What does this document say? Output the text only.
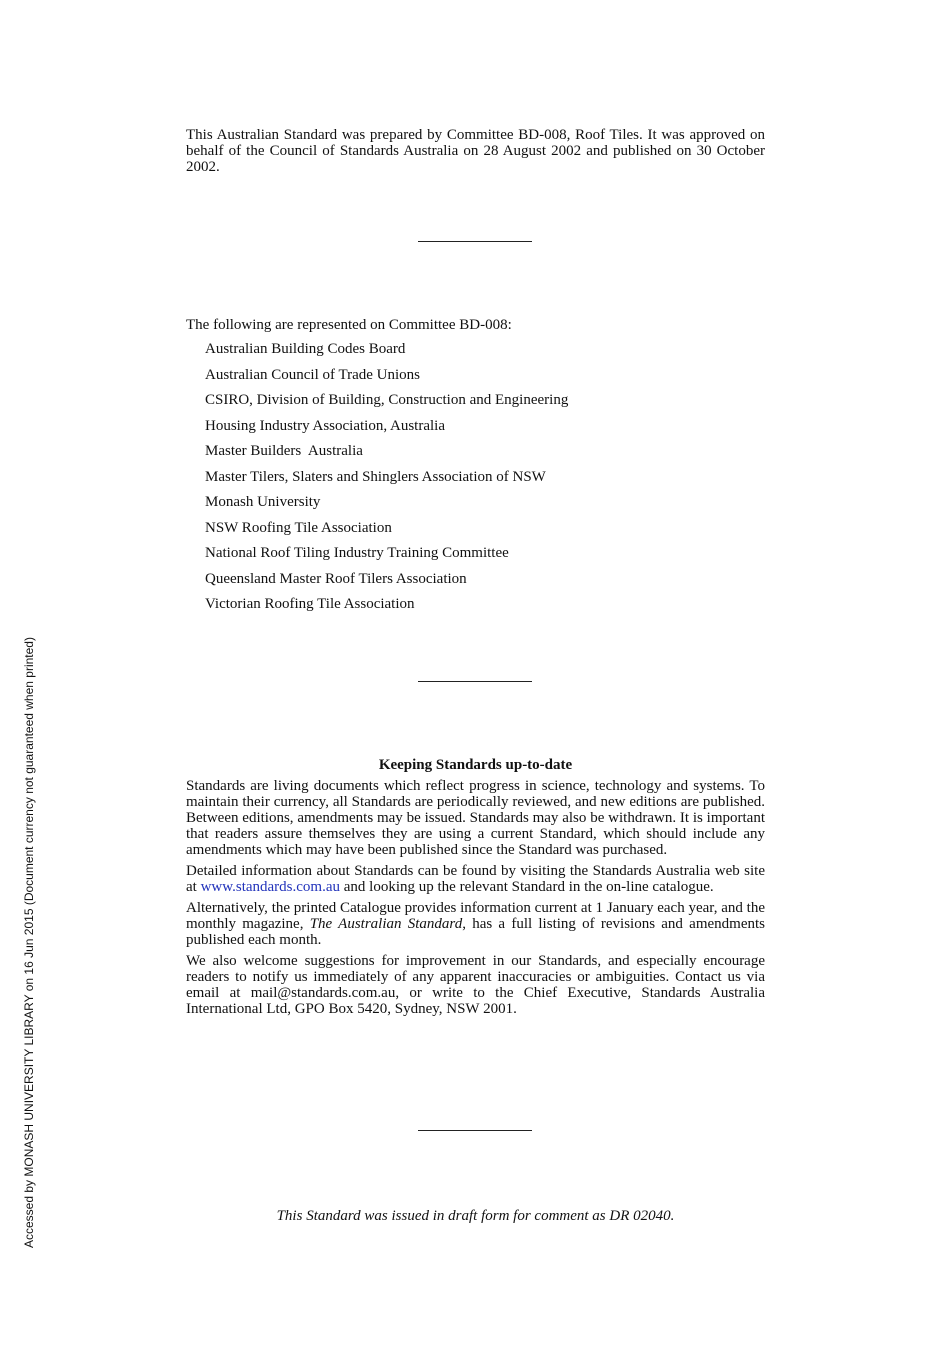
This Australian Standard was prepared by Committee BD-008, Roof Tiles. It was approved on behalf of the Council of Standards Australia on 28 August 2002 and published on 30 October 2002.

The following are represented on Committee BD-008:

Australian Building Codes Board
Australian Council of Trade Unions
CSIRO, Division of Building, Construction and Engineering
Housing Industry Association, Australia
Master Builders  Australia
Master Tilers, Slaters and Shinglers Association of NSW
Monash University
NSW Roofing Tile Association
National Roof Tiling Industry Training Committee
Queensland Master Roof Tilers Association
Victorian Roofing Tile Association
Keeping Standards up-to-date

Standards are living documents which reflect progress in science, technology and systems. To maintain their currency, all Standards are periodically reviewed, and new editions are published. Between editions, amendments may be issued. Standards may also be withdrawn. It is important that readers assure themselves they are using a current Standard, which should include any amendments which may have been published since the Standard was purchased.

Detailed information about Standards can be found by visiting the Standards Australia web site at www.standards.com.au and looking up the relevant Standard in the on-line catalogue.

Alternatively, the printed Catalogue provides information current at 1 January each year, and the monthly magazine, The Australian Standard, has a full listing of revisions and amendments published each month.

We also welcome suggestions for improvement in our Standards, and especially encourage readers to notify us immediately of any apparent inaccuracies or ambiguities. Contact us via email at mail@standards.com.au, or write to the Chief Executive, Standards Australia International Ltd, GPO Box 5420, Sydney, NSW 2001.

This Standard was issued in draft form for comment as DR 02040.

Accessed by MONASH UNIVERSITY LIBRARY on 16 Jun 2015 (Document currency not guaranteed when printed)
